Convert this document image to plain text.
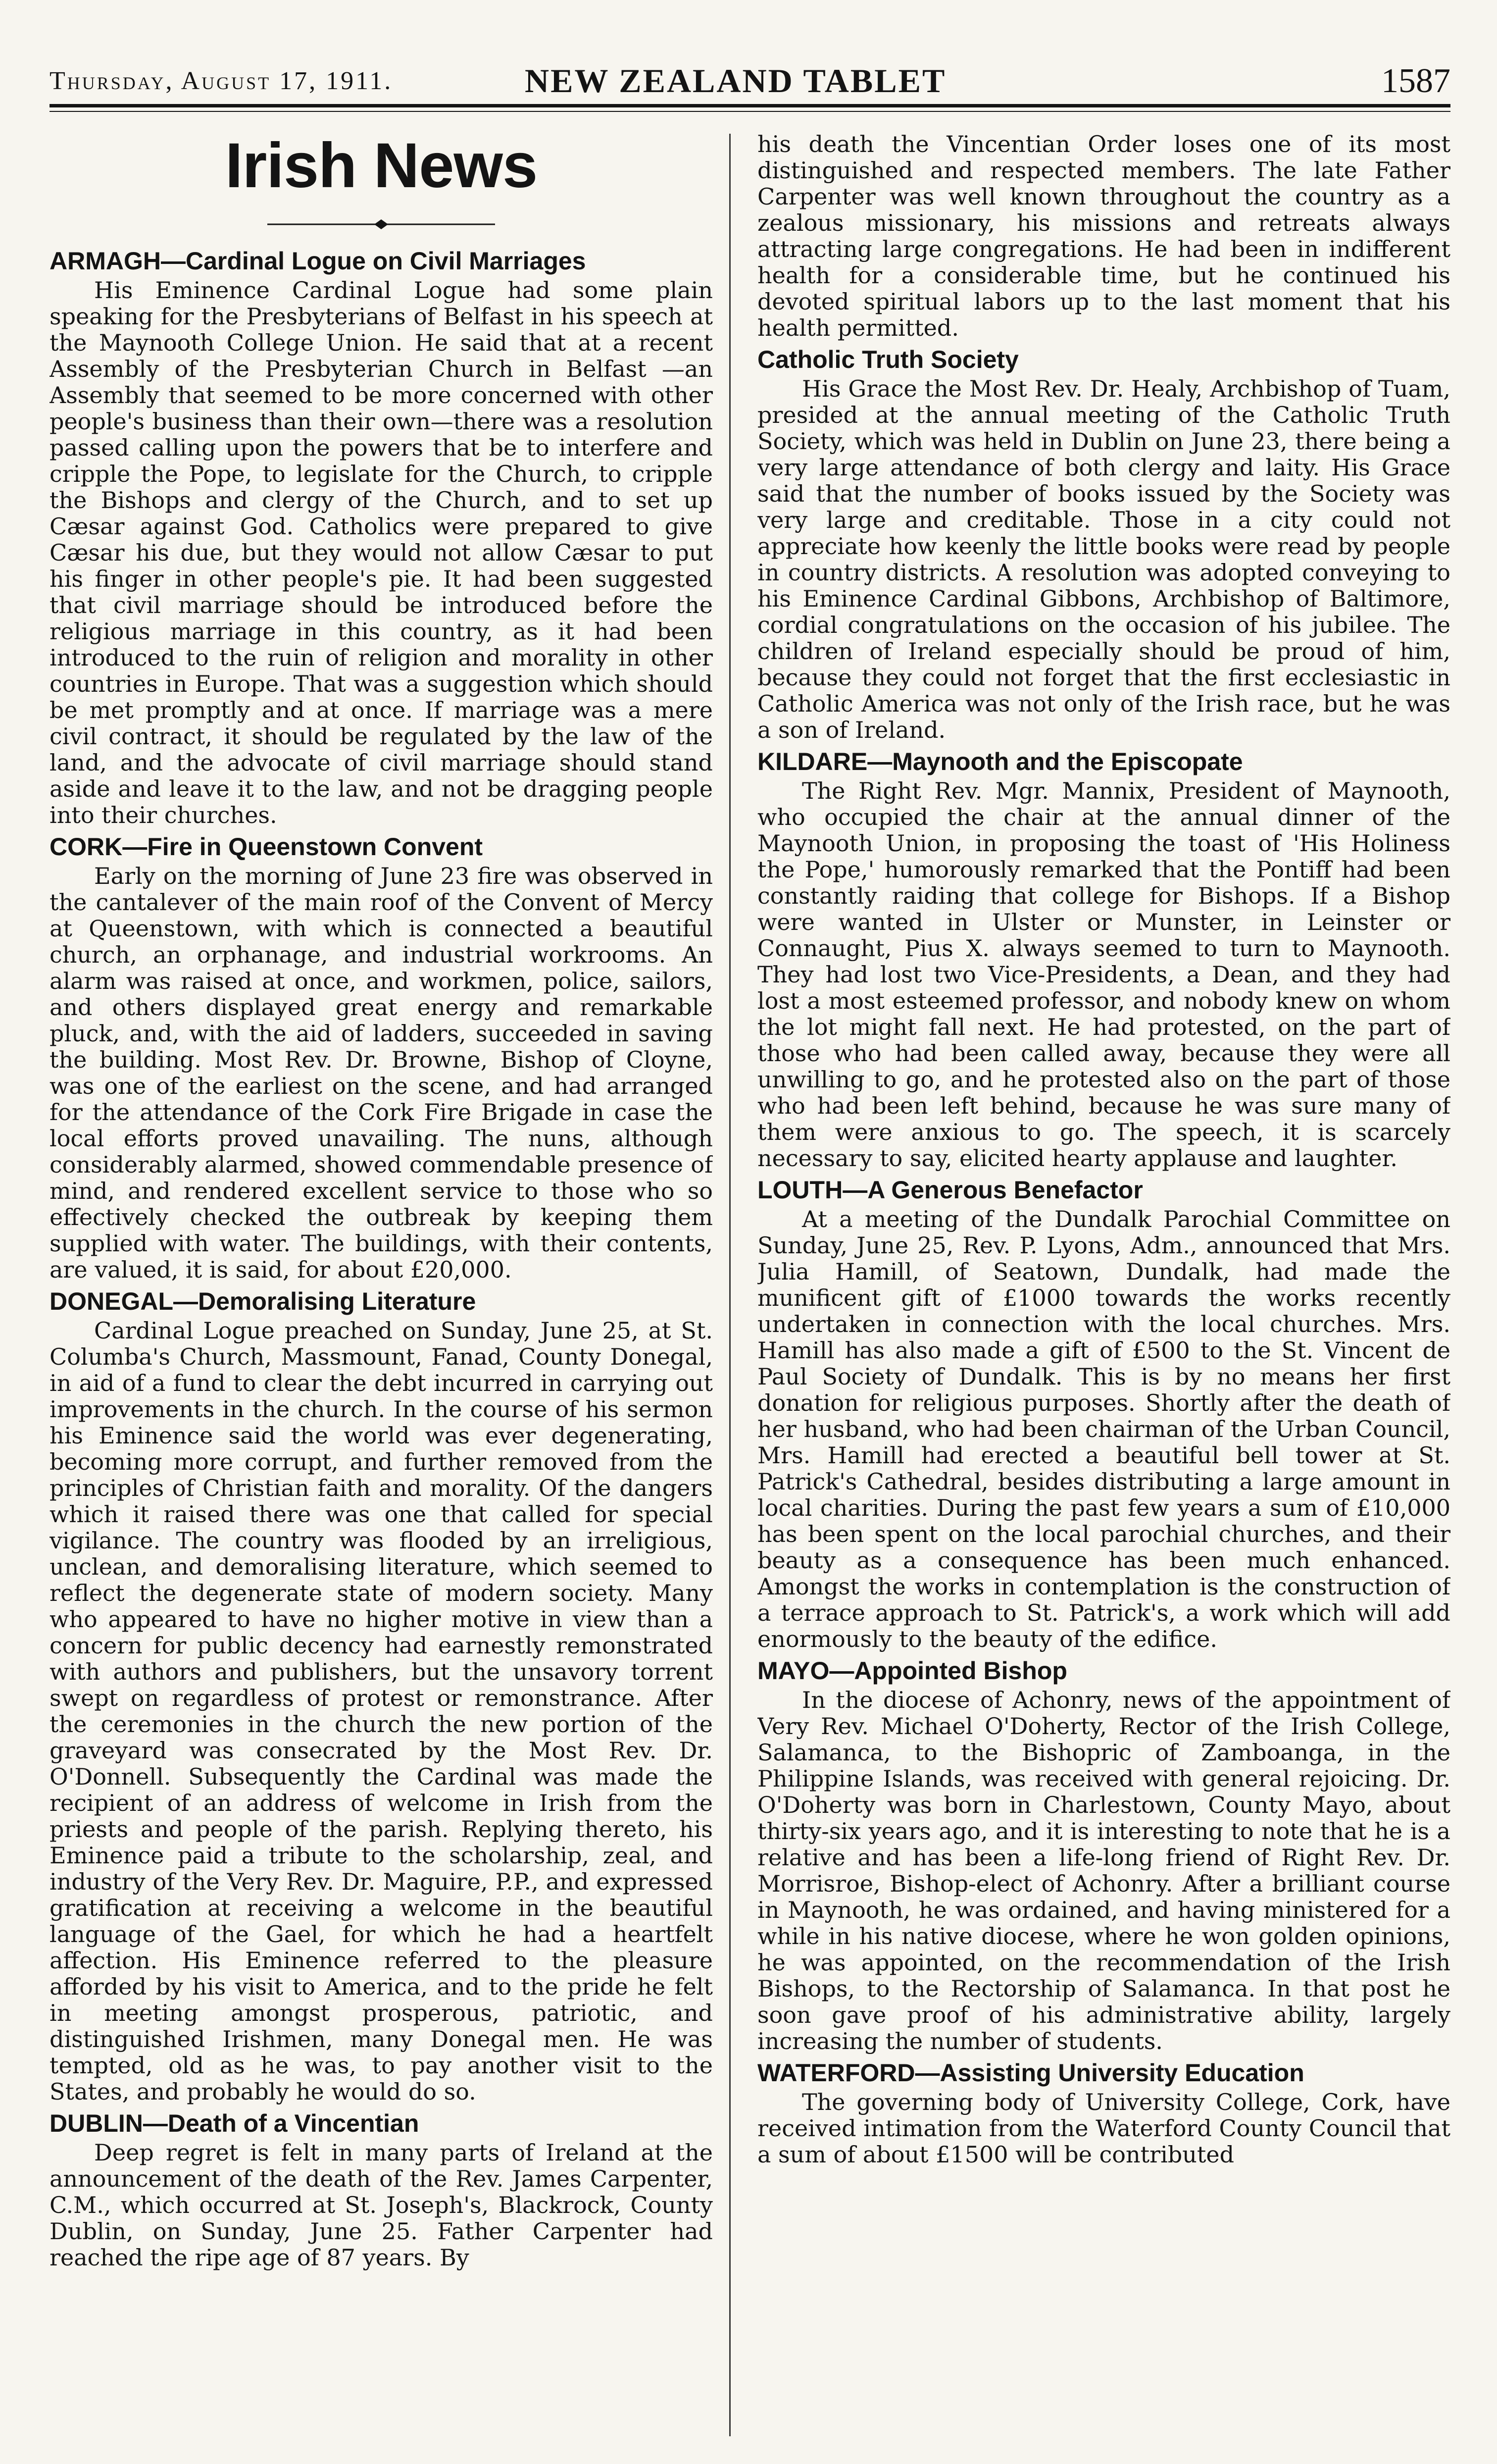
Thursday, August 17, 1911.	NEW ZEALAND TABLET	1587
Irish News
ARMAGH—Cardinal Logue on Civil Marriages

His Eminence Cardinal Logue had some plain speaking for the Presbyterians of Belfast in his speech at the Maynooth College Union. He said that at a recent Assembly of the Presbyterian Church in Belfast —an Assembly that seemed to be more concerned with other people's business than their own—there was a resolution passed calling upon the powers that be to interfere and cripple the Pope, to legislate for the Church, to cripple the Bishops and clergy of the Church, and to set up Cæsar against God. Catholics were prepared to give Cæsar his due, but they would not allow Cæsar to put his finger in other people's pie. It had been suggested that civil marriage should be introduced before the religious marriage in this country, as it had been introduced to the ruin of religion and morality in other countries in Europe. That was a suggestion which should be met promptly and at once. If marriage was a mere civil contract, it should be regulated by the law of the land, and the advocate of civil marriage should stand aside and leave it to the law, and not be dragging people into their churches.

CORK—Fire in Queenstown Convent

Early on the morning of June 23 fire was observed in the cantalever of the main roof of the Convent of Mercy at Queenstown, with which is connected a beautiful church, an orphanage, and industrial workrooms. An alarm was raised at once, and workmen, police, sailors, and others displayed great energy and remarkable pluck, and, with the aid of ladders, succeeded in saving the building. Most Rev. Dr. Browne, Bishop of Cloyne, was one of the earliest on the scene, and had arranged for the attendance of the Cork Fire Brigade in case the local efforts proved unavailing. The nuns, although considerably alarmed, showed commendable presence of mind, and rendered excellent service to those who so effectively checked the outbreak by keeping them supplied with water. The buildings, with their contents, are valued, it is said, for about £20,000.

DONEGAL—Demoralising Literature

Cardinal Logue preached on Sunday, June 25, at St. Columba's Church, Massmount, Fanad, County Donegal, in aid of a fund to clear the debt incurred in carrying out improvements in the church. In the course of his sermon his Eminence said the world was ever degenerating, becoming more corrupt, and further removed from the principles of Christian faith and morality. Of the dangers which it raised there was one that called for special vigilance. The country was flooded by an irreligious, unclean, and demoralising literature, which seemed to reflect the degenerate state of modern society. Many who appeared to have no higher motive in view than a concern for public decency had earnestly remonstrated with authors and publishers, but the unsavory torrent swept on regardless of protest or remonstrance. After the ceremonies in the church the new portion of the graveyard was consecrated by the Most Rev. Dr. O'Donnell. Subsequently the Cardinal was made the recipient of an address of welcome in Irish from the priests and people of the parish. Replying thereto, his Eminence paid a tribute to the scholarship, zeal, and industry of the Very Rev. Dr. Maguire, P.P., and expressed gratification at receiving a welcome in the beautiful language of the Gael, for which he had a heartfelt affection. His Eminence referred to the pleasure afforded by his visit to America, and to the pride he felt in meeting amongst prosperous, patriotic, and distinguished Irishmen, many Donegal men. He was tempted, old as he was, to pay another visit to the States, and probably he would do so.

DUBLIN—Death of a Vincentian

Deep regret is felt in many parts of Ireland at the announcement of the death of the Rev. James Carpenter, C.M., which occurred at St. Joseph's, Blackrock, County Dublin, on Sunday, June 25. Father Carpenter had reached the ripe age of 87 years. By

his death the Vincentian Order loses one of its most distinguished and respected members. The late Father Carpenter was well known throughout the country as a zealous missionary, his missions and retreats always attracting large congregations. He had been in indifferent health for a considerable time, but he continued his devoted spiritual labors up to the last moment that his health permitted.

Catholic Truth Society

His Grace the Most Rev. Dr. Healy, Archbishop of Tuam, presided at the annual meeting of the Catholic Truth Society, which was held in Dublin on June 23, there being a very large attendance of both clergy and laity. His Grace said that the number of books issued by the Society was very large and creditable. Those in a city could not appreciate how keenly the little books were read by people in country districts. A resolution was adopted conveying to his Eminence Cardinal Gibbons, Archbishop of Baltimore, cordial congratulations on the occasion of his jubilee. The children of Ireland especially should be proud of him, because they could not forget that the first ecclesiastic in Catholic America was not only of the Irish race, but he was a son of Ireland.

KILDARE—Maynooth and the Episcopate

The Right Rev. Mgr. Mannix, President of Maynooth, who occupied the chair at the annual dinner of the Maynooth Union, in proposing the toast of 'His Holiness the Pope,' humorously remarked that the Pontiff had been constantly raiding that college for Bishops. If a Bishop were wanted in Ulster or Munster, in Leinster or Connaught, Pius X. always seemed to turn to Maynooth. They had lost two Vice-Presidents, a Dean, and they had lost a most esteemed professor, and nobody knew on whom the lot might fall next. He had protested, on the part of those who had been called away, because they were all unwilling to go, and he protested also on the part of those who had been left behind, because he was sure many of them were anxious to go. The speech, it is scarcely necessary to say, elicited hearty applause and laughter.

LOUTH—A Generous Benefactor

At a meeting of the Dundalk Parochial Committee on Sunday, June 25, Rev. P. Lyons, Adm., announced that Mrs. Julia Hamill, of Seatown, Dundalk, had made the munificent gift of £1000 towards the works recently undertaken in connection with the local churches. Mrs. Hamill has also made a gift of £500 to the St. Vincent de Paul Society of Dundalk. This is by no means her first donation for religious purposes. Shortly after the death of her husband, who had been chairman of the Urban Council, Mrs. Hamill had erected a beautiful bell tower at St. Patrick's Cathedral, besides distributing a large amount in local charities. During the past few years a sum of £10,000 has been spent on the local parochial churches, and their beauty as a consequence has been much enhanced. Amongst the works in contemplation is the construction of a terrace approach to St. Patrick's, a work which will add enormously to the beauty of the edifice.

MAYO—Appointed Bishop

In the diocese of Achonry, news of the appointment of Very Rev. Michael O'Doherty, Rector of the Irish College, Salamanca, to the Bishopric of Zamboanga, in the Philippine Islands, was received with general rejoicing. Dr. O'Doherty was born in Charlestown, County Mayo, about thirty-six years ago, and it is interesting to note that he is a relative and has been a life-long friend of Right Rev. Dr. Morrisroe, Bishop-elect of Achonry. After a brilliant course in Maynooth, he was ordained, and having ministered for a while in his native diocese, where he won golden opinions, he was appointed, on the recommendation of the Irish Bishops, to the Rectorship of Salamanca. In that post he soon gave proof of his administrative ability, largely increasing the number of students.

WATERFORD—Assisting University Education

The governing body of University College, Cork, have received intimation from the Waterford County Council that a sum of about £1500 will be contributed
